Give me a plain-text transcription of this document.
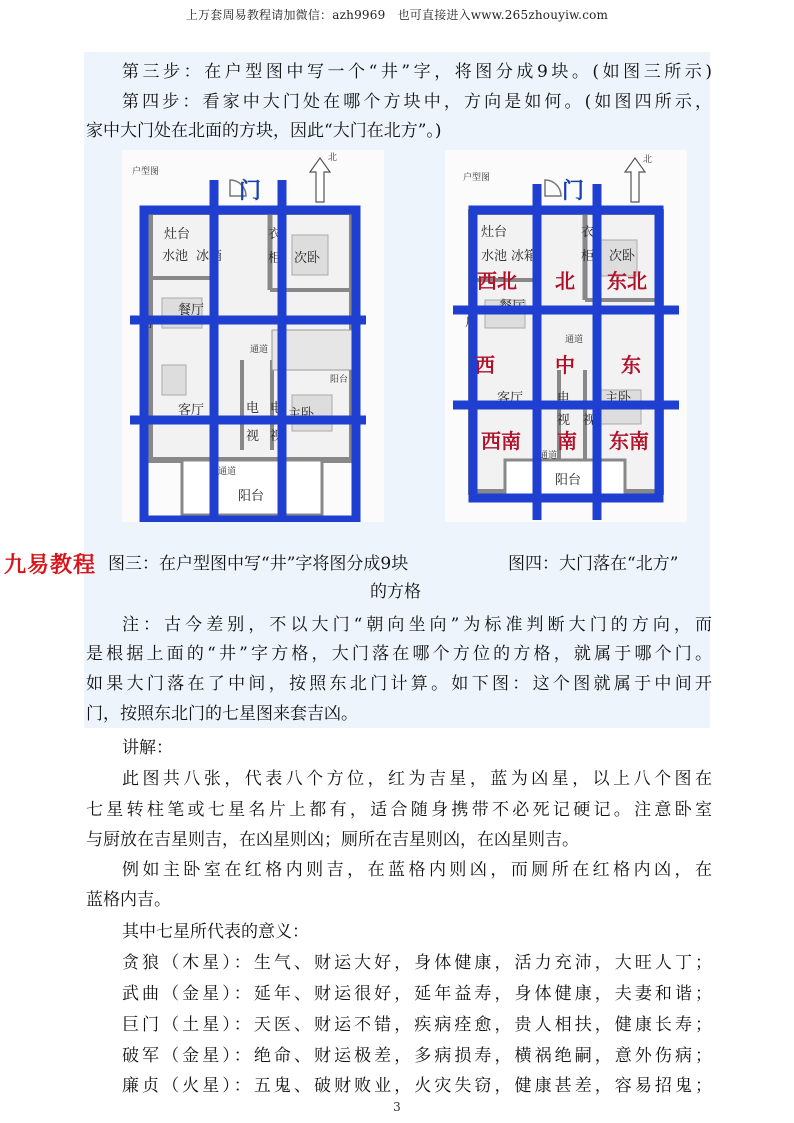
上万套周易教程请加微信：azh9969　也可直接进入www.265zhouyiw.com

第三步：在户型图中写一个“井”字，将图分成9块。(如图三所示)

第四步：看家中大门处在哪个方块中，方向是如何。(如图四所示，

家中大门处在北面的方块，因此“大门在北方”。)

户型图
北
灶台
水池 冰箱
衣
柜 次卧
餐厅
通道
客厅	电
视
电
视
主卧
阳台
通道
户
阳台
门
户型图
北
灶台
水池 冰箱
衣
柜 次卧
餐厅
通道
客厅	电
视 视
主卧
通道
阳台
户
门
西北 北 东北
西	中 东
西南 南 东南
九易教程 图三：在户型图中写“井”字将图分成9块	图四：大门落在“北方”
的方格

注：古今差别，不以大门“朝向坐向”为标准判断大门的方向，而

是根据上面的“井”字方格，大门落在哪个方位的方格，就属于哪个门。

如果大门落在了中间，按照东北门计算。如下图：这个图就属于中间开

门，按照东北门的七星图来套吉凶。

讲解：

此图共八张，代表八个方位，红为吉星，蓝为凶星，以上八个图在

七星转柱笔或七星名片上都有，适合随身携带不必死记硬记。注意卧室

与厨放在吉星则吉，在凶星则凶；厕所在吉星则凶，在凶星则吉。

例如主卧室在红格内则吉，在蓝格内则凶，而厕所在红格内凶，在

蓝格内吉。

其中七星所代表的意义：

贪狼（木星）：生气、财运大好，身体健康，活力充沛，大旺人丁；

武曲（金星）：延年、财运很好，延年益寿，身体健康，夫妻和谐；

巨门（土星）：天医、财运不错，疾病痊愈，贵人相扶，健康长寿；

破军（金星）：绝命、财运极差，多病损寿，横祸绝嗣，意外伤病；

廉贞（火星）：五鬼、破财败业，火灾失窃，健康甚差，容易招鬼；

3
